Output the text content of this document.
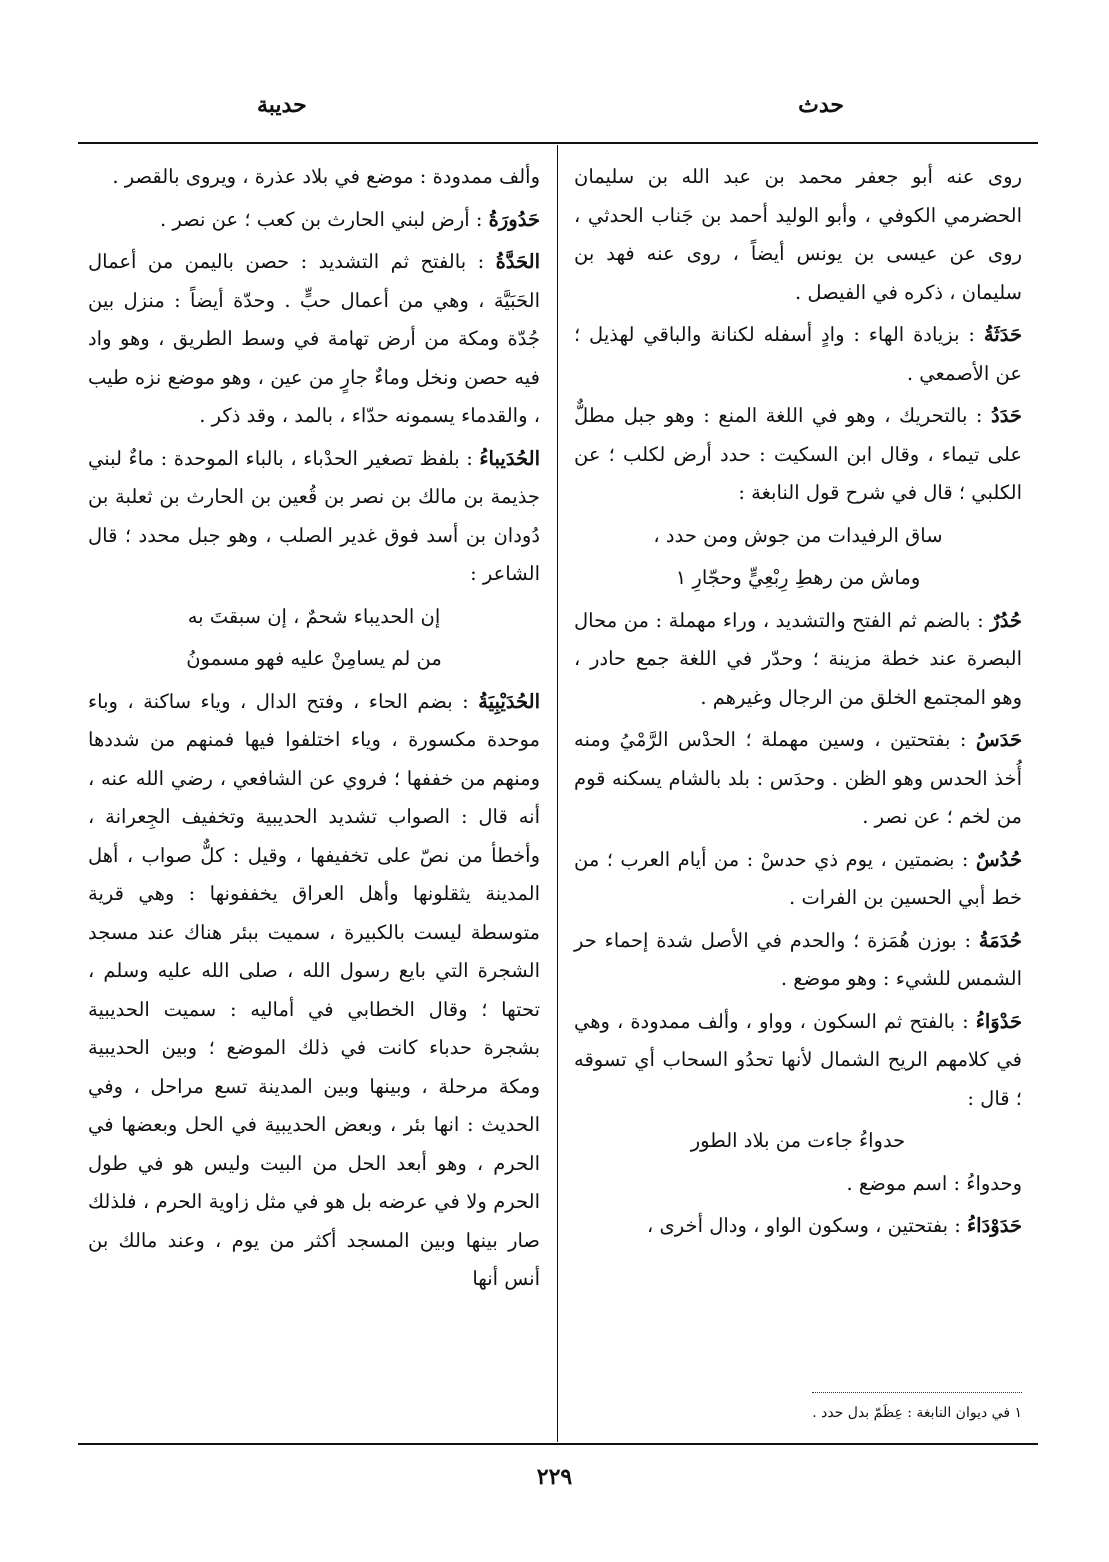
حدث
حديبة

روى عنه أبو جعفر محمد بن عبد الله بن سليمان الحضرمي الكوفي ، وأبو الوليد أحمد بن جَناب الحدثي ، روى عن عيسى بن يونس أيضاً ، روى عنه فهد بن سليمان ، ذكره في الفيصل .

حَدَثَةُ : بزيادة الهاء : وادٍ أسفله لكنانة والباقي لهذيل ؛ عن الأصمعي .

حَدَدُ : بالتحريك ، وهو في اللغة المنع : وهو جبل مطلٌّ على تيماء ، وقال ابن السكيت : حدد أرض لكلب ؛ عن الكلبي ؛ قال في شرح قول النابغة :

ساق الرفيدات من جوش ومن حدد ،

وماش من رهطِ رِبْعِيٍّ وحجّارِ ١

حُدُرٌ : بالضم ثم الفتح والتشديد ، وراء مهملة : من محال البصرة عند خطة مزينة ؛ وحدّر في اللغة جمع حادر ، وهو المجتمع الخلق من الرجال وغيرهم .

حَدَسُ : بفتحتين ، وسين مهملة ؛ الحدْس الرَّمْيُ ومنه أُخذ الحدس وهو الظن . وحدَس : بلد بالشام يسكنه قوم من لخم ؛ عن نصر .

حُدُسٌ : بضمتين ، يوم ذي حدسْ : من أيام العرب ؛ من خط أبي الحسين بن الفرات .

حُدَمَةُ : بوزن هُمَزة ؛ والحدم في الأصل شدة إحماء حر الشمس للشيء : وهو موضع .

حَدْوَاءُ : بالفتح ثم السكون ، وواو ، وألف ممدودة ، وهي في كلامهم الريح الشمال لأنها تحدُو السحاب أي تسوقه ؛ قال :

حدواءُ جاءت من بلاد الطور

وحدواءُ : اسم موضع .

حَدَوْدَاءُ : بفتحتين ، وسكون الواو ، ودال أخرى ،

وألف ممدودة : موضع في بلاد عذرة ، ويروى بالقصر .

حَدُورَةُ : أرض لبني الحارث بن كعب ؛ عن نصر .

الحَدَّةُ : بالفتح ثم التشديد : حصن باليمن من أعمال الحَبَيَّة ، وهي من أعمال حبٍّ . وحدّة أيضاً : منزل بين جُدّة ومكة من أرض تهامة في وسط الطريق ، وهو واد فيه حصن ونخل وماءٌ جارٍ من عين ، وهو موضع نزه طيب ، والقدماء يسمونه حدّاء ، بالمد ، وقد ذكر .

الحُدَيباءُ : بلفظ تصغير الحدْباء ، بالباء الموحدة : ماءٌ لبني جذيمة بن مالك بن نصر بن قُعين بن الحارث بن ثعلبة بن دُودان بن أسد فوق غدير الصلب ، وهو جبل محدد ؛ قال الشاعر :

إن الحديباء شحمٌ ، إن سبقتَ به

من لم يسامِنْ عليه فهو مسمونُ

الحُدَيْبِيَةُ : بضم الحاء ، وفتح الدال ، وياء ساكنة ، وباء موحدة مكسورة ، وياء اختلفوا فيها فمنهم من شددها ومنهم من خففها ؛ فروي عن الشافعي ، رضي الله عنه ، أنه قال : الصواب تشديد الحديبية وتخفيف الجِعرانة ، وأخطأ من نصّ على تخفيفها ، وقيل : كلٌّ صواب ، أهل المدينة يثقلونها وأهل العراق يخففونها : وهي قرية متوسطة ليست بالكبيرة ، سميت ببئر هناك عند مسجد الشجرة التي بايع رسول الله ، صلى الله عليه وسلم ، تحتها ؛ وقال الخطابي في أماليه : سميت الحديبية بشجرة حدباء كانت في ذلك الموضع ؛ وبين الحديبية ومكة مرحلة ، وبينها وبين المدينة تسع مراحل ، وفي الحديث : انها بئر ، وبعض الحديبية في الحل وبعضها في الحرم ، وهو أبعد الحل من البيت وليس هو في طول الحرم ولا في عرضه بل هو في مثل زاوية الحرم ، فلذلك صار بينها وبين المسجد أكثر من يوم ، وعند مالك بن أنس أنها

١ في ديوان النابغة : عِظَمّ بدل حدد .
٢٢٩
